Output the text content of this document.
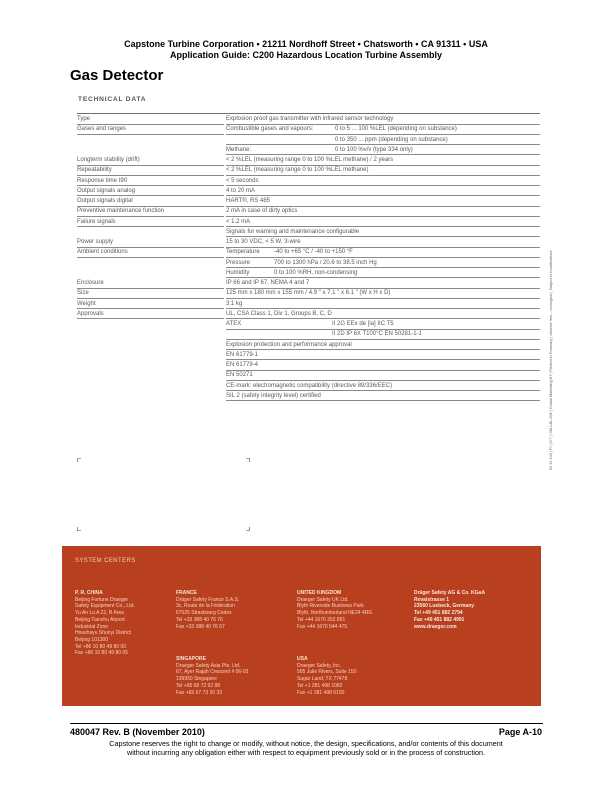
Capstone Turbine Corporation • 21211 Nordhoff Street • Chatsworth • CA 91311 • USA
Application Guide: C200 Hazardous Location Turbine Assembly
Gas Detector
TECHNICAL DATA
Type	Explosion proof gas transmitter with infrared sensor technology
Gases and ranges	Combustible gases and vapours:	0 to 5 ... 100 %LEL (depending on substance)
0 to 350 ... ppm (depending on substance)
Methane:	0 to 100 %v/v (type 334 only)
Longterm stability (drift)	< 2 %LEL (measuring range 0 to 100 %LEL methane) / 2 years
Repeatability	< 2 %LEL (measuring range 0 to 100 %LEL methane)
Response time t90	< 5 seconds
Output signals analog	4 to 20 mA
Output signals digital	HART®, RS 485
Preventive maintenance function	2 mA in case of dirty optics
Failure signals	< 1.2 mA
Signals for warning and maintenance configurable
Power supply	15 to 30 VDC, < 5 W, 3-wire
Ambient conditions	Temperature -40 to +65 °C / -40 to +150 °F
Pressure	700 to 1300 hPa / 20.6 to 38.5 inch Hg
Humidity	0 to 100 %RH, non-condensing
Enclosure	IP 66 and IP 67, NEMA 4 and 7
Size	125 mm x 180 mm x 155 mm / 4.9 " x 7.1 " x 6.1 " (W x H x D)
Weight	3.1 kg
Approvals	UL, CSA Class 1, Div 1, Groups B, C, D
ATEX	II 2G EEx de [ia] IIC T5
II 2D IP 6X T100°C EN 50281-1-1
Explosion protection and performance approval
EN 61779-1
EN 61779-4
EN 50271
CE-mark: electromagnetic compatibility (directive 89/336/EEC)
SIL 2 (safety integrity level) certified	90 44 940 | PI | 077 | GM-LBL-DW | Global Marketing BT | Printed in Germany | chlorine free – ecological | Subject to modifications
SYSTEM CENTERS
P. R. CHINA
Beijing Fortune Draeger
Safety Equipment Co., Ltd.
Yu An Lu A 22, B Area
Beijing Tianzhu Airport
Industrial Zone
Houshayu Shunyi District
Beijing 101300
Tel +86 10 80 49 80 00
Fax +86 10 80 49 80 05
FRANCE
Dräger Safety France S.A.S.
3c, Route de la Fédération
67025 Strasbourg Cedex
Tel +33 388 40 76 76
Fax +33 388 40 76 67
UNITED KINGDOM
Draeger Safety UK Ltd.
Blyth Riverside Business Park
Blyth, Northumberland NE24 4RG
Tel +44 1670 352 891
Fax +44 1670 544 475
SINGAPORE
Draeger Safety Asia Pte. Ltd.
67, Ayer Rajah Crescent # 06-03
139950 Singapore
Tel +65 68 72 92 88
Fax +65 67 73 20 33
USA
Draeger Safety, Inc.
505 Julie Rivers, Suite 150
Sugar Land, TX 77478
Tel +1 281 498 1082
Fax +1 281 498 5190
Dräger Safety AG & Co. KGaA
Revalstrasse 1
23560 Luebeck, Germany
Tel +49 451 882 2794
Fax +49 451 882 4991
www.draeger.com
480047 Rev. B (November 2010)	Page A-10
Capstone reserves the right to change or modify, without notice, the design, specifications, and/or contents of this document
without incurring any obligation either with respect to equipment previously sold or in the process of construction.
